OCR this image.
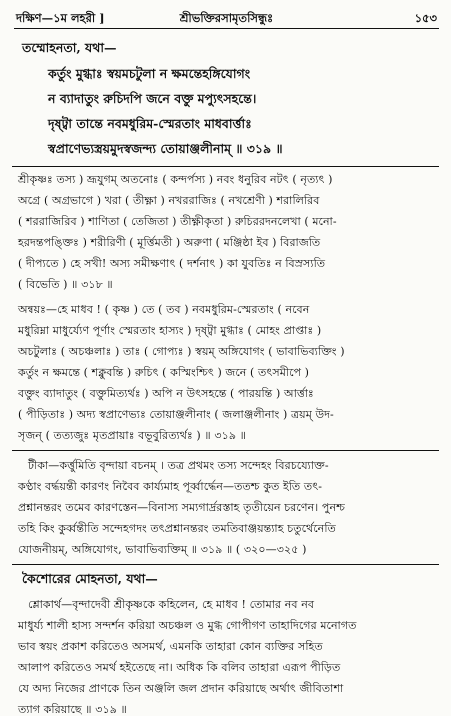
দক্ষিণ—১ম লহরী ]	শ্রীভক্তিরসামৃতসিন্ধুঃ	১৫৩
তম্মোহনতা, যথা—
কর্তুং মুগ্ধাঃ স্বয়মচটুলা ন ক্ষমন্তেহঙ্গিযোগং
ন ব্যাদাতুং রুচিদপি জনে বক্তু মপ্যুৎসহন্তে।
দৃষ্ট্বা তান্তে নবমধুরিম-স্মেরতাং মাধবার্ত্তাঃ
স্বপ্রাণেভ্যস্ত্রয়মুদস্বজন্দ্য তোয়াঞ্জলীনাম্ ॥ ৩১৯ ॥
শ্রীকৃষ্ণঃ তস্য ) ভ্রূযুগম্ অতনোঃ ( কন্দর্পস্য ) নবং ধনুরিব নটৎ ( নৃত্যৎ )
অগ্রে ( অগ্রভাগে ) খরা ( তীক্ষ্ণা ) নখররাজিঃ ( নখশ্রেণী ) শরালিরিব
( শররাজিরিব ) শাণিতা ( তেজিতা ) তীক্ষ্ণীকৃতা ) রুচিররদনলেখা ( মনো-
হরদন্তপঙ্ক্তিঃ ) শরীরিণী ( মূর্ত্তিমতী ) অরুণা ( মঞ্জিষ্ঠা ইব ) বিরাজতি
( দীপ্যতে ) হে সখী! অস্য সমীক্ষণাৎ ( দর্শনাৎ ) কা যুবতিঃ ন বিস্রস্যতি
( বিভেতি ) ॥ ৩১৮ ॥
অন্বয়ঃ—হে মাধব ! ( কৃষ্ণ ) তে ( তব ) নবমধুরিম-স্মেরতাং ( নবেন
মধুরিম্না মাধুর্য্যেণ পূর্ণাং স্মেরতাং হাস্যং ) দৃষ্ট্বা মুগ্ধাঃ ( মোহং প্রাপ্তাঃ )
অচটুলাঃ ( অচঞ্চলাঃ ) তাঃ ( গোপ্যঃ ) স্বয়ম্ অঙ্গিযোগং ( ভাবাভিব্যক্তিং )
কর্তুং ন ক্ষমন্তে ( শক্নুবন্তি ) রুচিৎ ( কস্মিংশ্চিৎ ) জনে ( তৎসমীপে )
বক্তুং ব্যাদাতুং ( বক্তুমিত্যর্থঃ ) অপি ন উৎসহন্তে ( পারয়ন্তি ) আর্ত্তাঃ
( পীড়িতাঃ ) অদ্য স্বপ্রাণেভ্যঃ তোয়াঞ্জলীনাং ( জলাঞ্জলীনাং ) ত্রয়ম্ উদ-
সৃজন্ ( তত্যজুঃ মৃতপ্রায়াঃ বভূবুরিত্যর্থঃ ) ॥ ৩১৯ ॥
টীকা—কর্ত্তুমিতি বৃন্দায়া বচনম্ । তত্র প্রথমং তস্য সন্দেহং বিরচয্যোক্ত-
কণ্ঠাং বর্দ্ধয়ন্তী কারণং নিবৈব কার্য্যমাহ পূর্ব্বার্দ্ধেন—ততশ্চ কুত ইতি তৎ-
প্রশ্নানন্তরং তমেব কারণস্তেন—বিনাস্য সম্যগার্দ্ররস্তাহ তৃতীয়েন চরণেন। পুনশ্চ
তহি কিং কুর্ব্বন্তীতি সন্দেহগদং তৎপ্রশ্নানন্তরং তমতিবাঞ্জয়ন্ত্যাহ চতুর্থেনেতি
যোজনীয়ম্, অঙ্গিযোগং, ভাবাভিব্যক্তিম্ ॥ ৩১৯ ॥ ( ৩২০—৩২৫ )
কৈশোরের মোহনতা, যথা—
শ্লোকার্থ—বৃন্দাদেবী শ্রীকৃষ্ণকে কহিলেন, হে মাধব ! তোমার নব নব
মাধুর্য্য শালী হাস্য সন্দর্শন করিয়া অচঞ্চল ও মুগ্ধ গোপীগণ তাহাদিগের মনোগত
ভাব স্বয়ং প্রকাশ করিতেও অসমর্থ, এমনকি তাহারা কোন ব্যক্তির সহিত
আলাপ করিতেও সমর্থ হইতেছে না। অধিক কি বলিব তাহারা এরূপ পীড়িত
যে অদ্য নিজের প্রাণকে তিন অঞ্জলি জল প্রদান করিয়াছে অর্থাৎ জীবিতাশা
ত্যাগ করিয়াছে ॥ ৩১৯ ॥
